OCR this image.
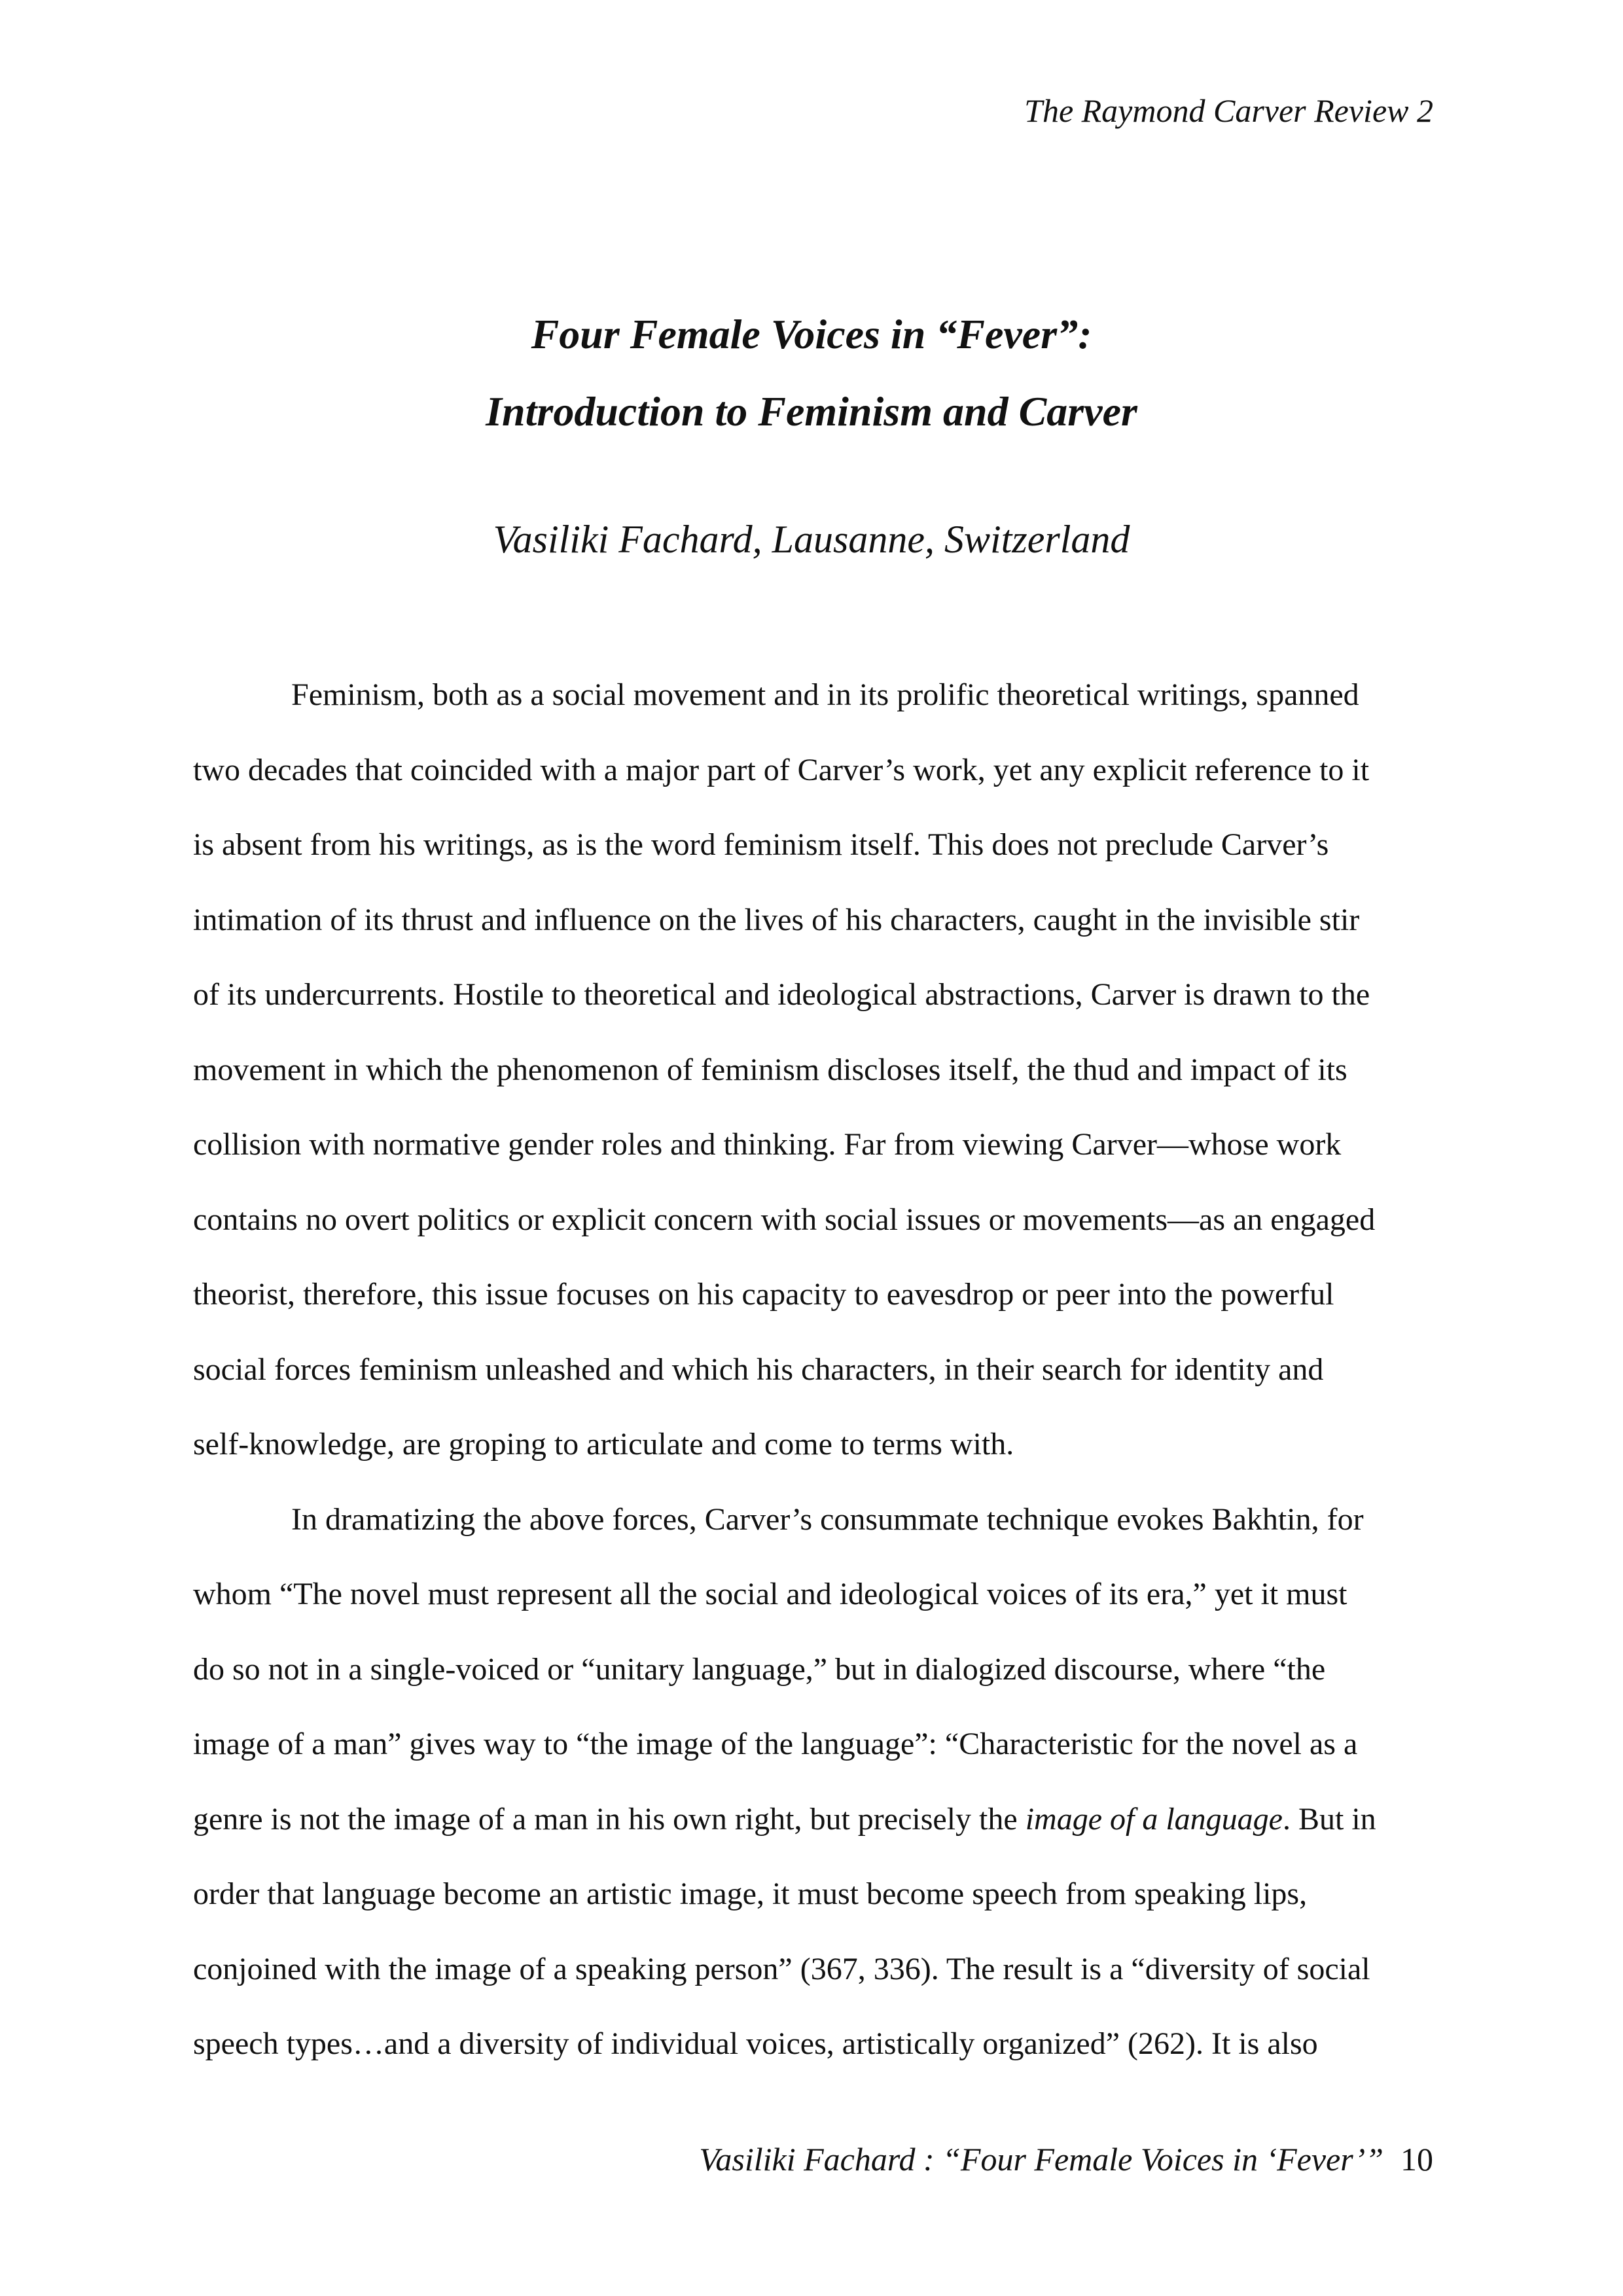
The Raymond Carver Review 2
Four Female Voices in “Fever”:
Introduction to Feminism and Carver
Vasiliki Fachard, Lausanne, Switzerland
Feminism, both as a social movement and in its prolific theoretical writings, spanned
two decades that coincided with a major part of Carver’s work, yet any explicit reference to it
is absent from his writings, as is the word feminism itself. This does not preclude Carver’s
intimation of its thrust and influence on the lives of his characters, caught in the invisible stir
of its undercurrents. Hostile to theoretical and ideological abstractions, Carver is drawn to the
movement in which the phenomenon of feminism discloses itself, the thud and impact of its
collision with normative gender roles and thinking. Far from viewing Carver—whose work
contains no overt politics or explicit concern with social issues or movements—as an engaged
theorist, therefore, this issue focuses on his capacity to eavesdrop or peer into the powerful
social forces feminism unleashed and which his characters, in their search for identity and
self-knowledge, are groping to articulate and come to terms with.
In dramatizing the above forces, Carver’s consummate technique evokes Bakhtin, for
whom “The novel must represent all the social and ideological voices of its era,” yet it must
do so not in a single-voiced or “unitary language,” but in dialogized discourse, where “the
image of a man” gives way to “the image of the language”: “Characteristic for the novel as a
genre is not the image of a man in his own right, but precisely the image of a language. But in
order that language become an artistic image, it must become speech from speaking lips,
conjoined with the image of a speaking person” (367, 336). The result is a “diversity of social
speech types…and a diversity of individual voices, artistically organized” (262). It is also
Vasiliki Fachard : “Four Female Voices in ‘Fever’” 10
